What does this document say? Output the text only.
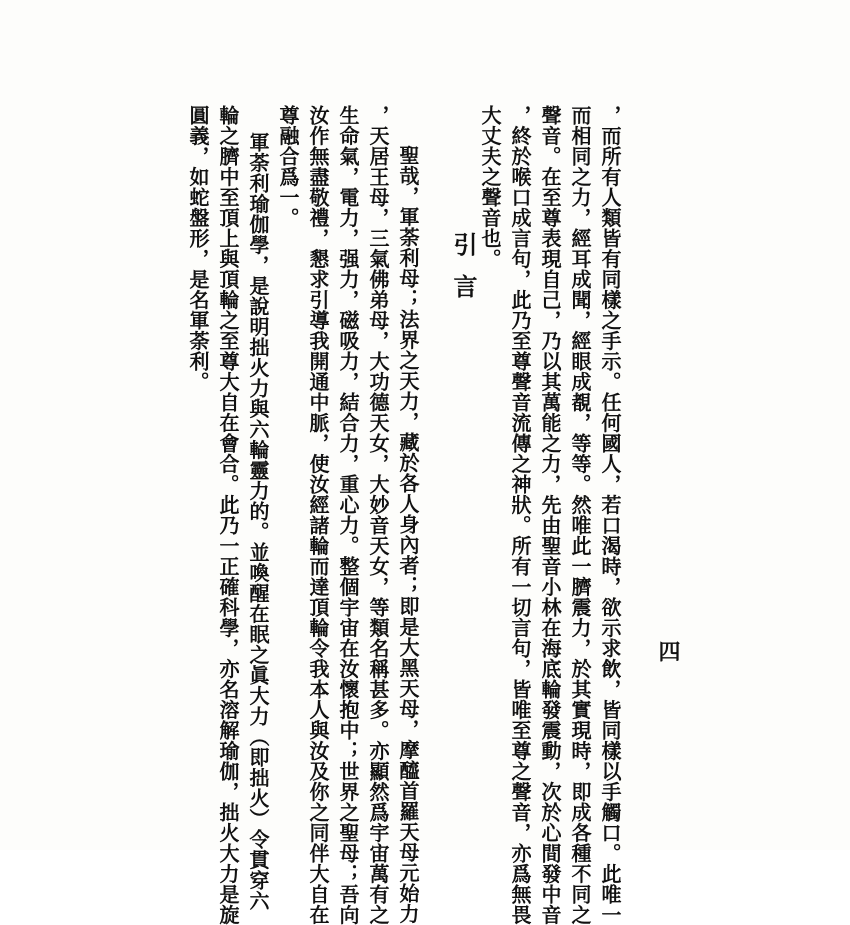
四
，而所有人類皆有同樣之手示。任何國人，若口渴時，欲示求飲，皆同樣以手觸口。此唯一
而相同之力，經耳成聞，經眼成覩，等等。然唯此一臍震力，於其實現時，即成各種不同之
聲音。在至尊表現自己，乃以其萬能之力，先由聖音小林在海底輪發震動，次於心間發中音
，終於喉口成言句，此乃至尊聲音流傳之神狀。所有一切言句，皆唯至尊之聲音，亦爲無畏
大丈夫之聲音也。
引言
聖哉，軍荼利母；法界之天力，藏於各人身內者；即是大黑天母，摩醯首羅天母元始力
，天居王母，三氣佛弟母，大功德天女，大妙音天女，等類名稱甚多。亦顯然爲宇宙萬有之
生命氣，電力，强力，磁吸力，結合力，重心力。整個宇宙在汝懷抱中；世界之聖母；吾向
汝作無盡敬禮，懇求引導我開通中脈，使汝經諸輪而達頂輪令我本人與汝及你之同伴大自在
尊融合爲一。
軍荼利瑜伽學，是說明拙火力與六輪靈力的。並喚醒在眠之眞大力（即拙火）令貫穿六
輪之臍中至頂上與頂輪之至尊大自在會合。此乃一正確科學，亦名溶解瑜伽，拙火大力是旋
圓義，如蛇盤形，是名軍荼利。
